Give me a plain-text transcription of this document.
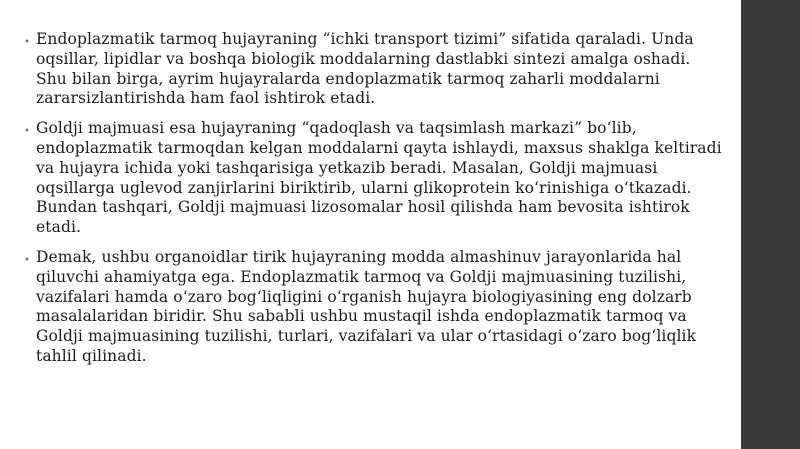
• Endoplazmatik tarmoq hujayraning “ichki transport tizimi” sifatida qaraladi. Unda oqsillar, lipidlar va boshqa biologik moddalarning dastlabki sintezi amalga oshadi. Shu bilan birga, ayrim hujayralarda endoplazmatik tarmoq zaharli moddalarni zararsizlantirishda ham faol ishtirok etadi.
• Goldji majmuasi esa hujayraning “qadoqlash va taqsimlash markazi” boʻlib, endoplazmatik tarmoqdan kelgan moddalarni qayta ishlaydi, maxsus shaklga keltiradi va hujayra ichida yoki tashqarisiga yetkazib beradi. Masalan, Goldji majmuasi oqsillarga uglevod zanjirlarini biriktirib, ularni glikoprotein koʻrinishiga oʻtkazadi. Bundan tashqari, Goldji majmuasi lizosomalar hosil qilishda ham bevosita ishtirok etadi.
• Demak, ushbu organoidlar tirik hujayraning modda almashinuv jarayonlarida hal qiluvchi ahamiyatga ega. Endoplazmatik tarmoq va Goldji majmuasining tuzilishi, vazifalari hamda oʻzaro bogʻliqligini oʻrganish hujayra biologiyasining eng dolzarb masalalaridan biridir. Shu sababli ushbu mustaqil ishda endoplazmatik tarmoq va Goldji majmuasining tuzilishi, turlari, vazifalari va ular oʻrtasidagi oʻzaro bogʻliqlik tahlil qilinadi.
